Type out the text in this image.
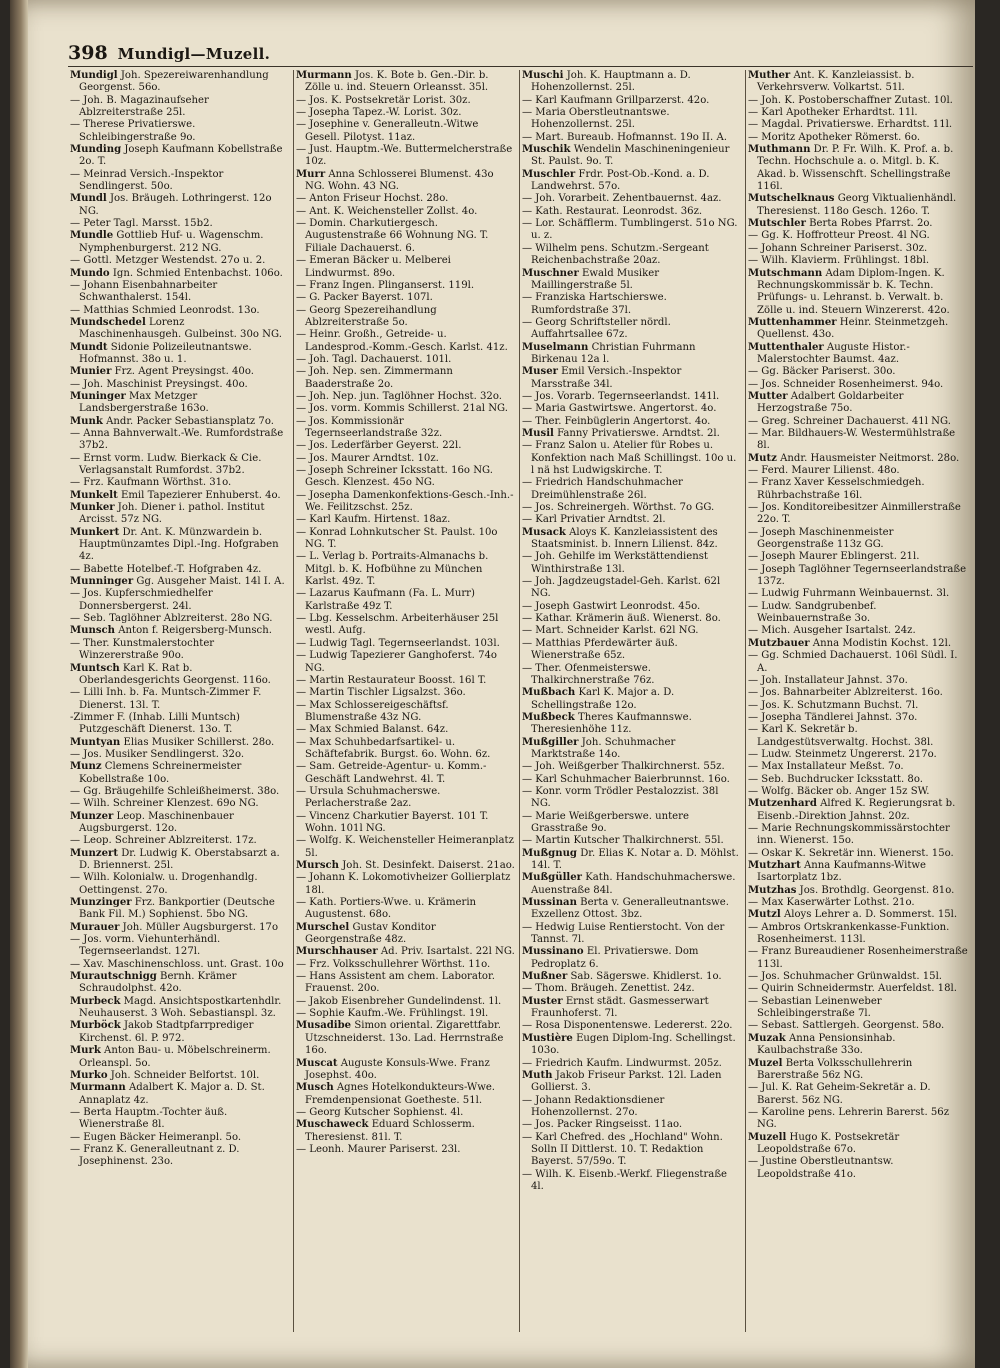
398 Mundigl—Muzell.

Mundigl Joh. Spezereiwarenhandlung Georgenst. 56o.

— Joh. B. Magazinaufseher Ablzreiterstraße 25l.

— Therese Privatierswe. Schleibingerstraße 9o.

Munding Joseph Kaufmann Kobellstraße 2o. T.

— Meinrad Versich.-Inspektor Sendlingerst. 50o.

Mundl Jos. Bräugeh. Lothringerst. 12o NG.

— Peter Tagl. Marsst. 15b2.

Mundle Gottlieb Huf- u. Wagenschm. Nymphenburgerst. 212 NG.

— Gottl. Metzger Westendst. 27o u. 2.

Mundo Ign. Schmied Entenbachst. 106o.

— Johann Eisenbahnarbeiter Schwanthalerst. 154l.

— Matthias Schmied Leonrodst. 13o.

Mundschedel Lorenz Maschinenhausgeh. Gulbeinst. 30o NG.

Mundt Sidonie Polizeileutnantswe. Hofmannst. 38o u. 1.

Munier Frz. Agent Preysingst. 40o.

— Joh. Maschinist Preysingst. 40o.

Muninger Max Metzger Landsbergerstraße 163o.

Munk Andr. Packer Sebastiansplatz 7o.

— Anna Bahnverwalt.-We. Rumfordstraße 37b2.

— Ernst vorm. Ludw. Bierkack & Cie. Verlagsanstalt Rumfordst. 37b2.

— Frz. Kaufmann Wörthst. 31o.

Munkelt Emil Tapezierer Enhuberst. 4o.

Munker Joh. Diener i. pathol. Institut Arcisst. 57z NG.

Munkert Dr. Ant. K. Münzwardein b. Hauptmünzamtes Dipl.-Ing. Hofgraben 4z.

— Babette Hotelbef.-T. Hofgraben 4z.

Munninger Gg. Ausgeher Maist. 14l I. A.

— Jos. Kupferschmiedhelfer Donnersbergerst. 24l.

— Seb. Taglöhner Ablzreiterst. 28o NG.

Munsch Anton f. Reigersberg-Munsch.

— Ther. Kunstmalerstochter Winzererstraße 90o.

Muntsch Karl K. Rat b. Oberlandesgerichts Georgenst. 116o.

— Lilli Inh. b. Fa. Muntsch-Zimmer F. Dienerst. 13l. T.

-Zimmer F. (Inhab. Lilli Muntsch) Putzgeschäft Dienerst. 13o. T.

Muntyan Elias Musiker Schillerst. 28o.

— Jos. Musiker Sendlingerst. 32o.

Munz Clemens Schreinermeister Kobellstraße 10o.

— Gg. Bräugehilfe Schleißheimerst. 38o.

— Wilh. Schreiner Klenzest. 69o NG.

Munzer Leop. Maschinenbauer Augsburgerst. 12o.

— Leop. Schreiner Ablzreiterst. 17z.

Munzert Dr. Ludwig K. Oberstabsarzt a. D. Briennerst. 25l.

— Wilh. Kolonialw. u. Drogenhandlg. Oettingenst. 27o.

Munzinger Frz. Bankportier (Deutsche Bank Fil. M.) Sophienst. 5bo NG.

Murauer Joh. Müller Augsburgerst. 17o

— Jos. vorm. Viehunterhändl. Tegernseerlandst. 127l.

— Xav. Maschinenschloss. unt. Grast. 10o

Murautschnigg Bernh. Krämer Schraudolphst. 42o.

Murbeck Magd. Ansichtspostkartenhdlr. Neuhauserst. 3 Woh. Sebastianspl. 3z.

Murböck Jakob Stadtpfarrprediger Kirchenst. 6l. P. 972.

Murk Anton Bau- u. Möbelschreinerm. Orleanspl. 5o.

Murko Joh. Schneider Belfortst. 10l.

Murmann Adalbert K. Major a. D. St. Annaplatz 4z.

— Berta Hauptm.-Tochter äuß. Wienerstraße 8l.

— Eugen Bäcker Heimeranpl. 5o.

— Franz K. Generalleutnant z. D. Josephinenst. 23o.

Murmann Jos. K. Bote b. Gen.-Dir. b. Zölle u. ind. Steuern Orleansst. 35l.

— Jos. K. Postsekretär Lorist. 30z.

— Josepha Tapez.-W. Lorist. 30z.

— Josephine v. Generalleutn.-Witwe Gesell. Pilotyst. 11az.

— Just. Hauptm.-We. Buttermelcherstraße 10z.

Murr Anna Schlosserei Blumenst. 43o NG. Wohn. 43 NG.

— Anton Friseur Hochst. 28o.

— Ant. K. Weichensteller Zollst. 4o.

— Domin. Charkutiergesch. Augustenstraße 66 Wohnung NG. T. Filiale Dachauerst. 6.

— Emeran Bäcker u. Melberei Lindwurmst. 89o.

— Franz Ingen. Plinganserst. 119l.

— G. Packer Bayerst. 107l.

— Georg Spezereihandlung Ablzreiterstraße 5o.

— Heinr. Großh., Getreide- u. Landesprod.-Komm.-Gesch. Karlst. 41z.

— Joh. Tagl. Dachauerst. 101l.

— Joh. Nep. sen. Zimmermann Baaderstraße 2o.

— Joh. Nep. jun. Taglöhner Hochst. 32o.

— Jos. vorm. Kommis Schillerst. 21al NG.

— Jos. Kommissionär Tegernseerlandstraße 32z.

— Jos. Lederfärber Geyerst. 22l.

— Jos. Maurer Arndtst. 10z.

— Joseph Schreiner Icksstatt. 16o NG. Gesch. Klenzest. 45o NG.

— Josepha Damenkonfektions-Gesch.-Inh.-We. Feilitzschst. 25z.

— Karl Kaufm. Hirtenst. 18az.

— Konrad Lohnkutscher St. Paulst. 10o NG. T.

— L. Verlag b. Portraits-Almanachs b. Mitgl. b. K. Hofbühne zu München Karlst. 49z. T.

— Lazarus Kaufmann (Fa. L. Murr) Karlstraße 49z T.

— Lbg. Kesselschm. Arbeiterhäuser 25l westl. Aufg.

— Ludwig Tagl. Tegernseerlandst. 103l.

— Ludwig Tapezierer Ganghoferst. 74o NG.

— Martin Restaurateur Boosst. 16l T.

— Martin Tischler Ligsalzst. 36o.

— Max Schlossereigeschäftsf. Blumenstraße 43z NG.

— Max Schmied Balanst. 64z.

— Max Schuhbedarfsartikel- u. Schäftefabrik. Burgst. 6o. Wohn. 6z.

— Sam. Getreide-Agentur- u. Komm.-Geschäft Landwehrst. 4l. T.

— Ursula Schuhmacherswe. Perlacherstraße 2az.

— Vincenz Charkutier Bayerst. 101 T. Wohn. 101l NG.

— Wolfg. K. Weichensteller Heimeranplatz 5l.

Mursch Joh. St. Desinfekt. Daiserst. 21ao.

— Johann K. Lokomotivheizer Gollierplatz 18l.

— Kath. Portiers-Wwe. u. Krämerin Augustenst. 68o.

Murschel Gustav Konditor Georgenstraße 48z.

Murschhauser Ad. Priv. Isartalst. 22l NG.

— Frz. Volksschullehrer Wörthst. 11o.

— Hans Assistent am chem. Laborator. Frauenst. 20o.

— Jakob Eisenbreher Gundelindenst. 1l.

— Sophie Kaufm.-We. Frühlingst. 19l.

Musadibe Simon oriental. Zigarettfabr. Utzschneiderst. 13o. Lad. Herrnstraße 16o.

Muscat Auguste Konsuls-Wwe. Franz Josephst. 40o.

Musch Agnes Hotelkondukteurs-Wwe. Fremdenpensionat Goetheste. 51l.

— Georg Kutscher Sophienst. 4l.

Muschaweck Eduard Schlosserm. Theresienst. 81l. T.

— Leonh. Maurer Pariserst. 23l.

Muschi Joh. K. Hauptmann a. D. Hohenzollernst. 25l.

— Karl Kaufmann Grillparzerst. 42o.

— Maria Oberstleutnantswe. Hohenzollernst. 25l.

— Mart. Bureaub. Hofmannst. 19o II. A.

Muschik Wendelin Maschineningenieur St. Paulst. 9o. T.

Muschler Frdr. Post-Ob.-Kond. a. D. Landwehrst. 57o.

— Joh. Vorarbeit. Zehentbauernst. 4az.

— Kath. Restaurat. Leonrodst. 36z.

— Lor. Schäfflerm. Tumblingerst. 51o NG. u. z.

— Wilhelm pens. Schutzm.-Sergeant Reichenbachstraße 20az.

Muschner Ewald Musiker Maillingerstraße 5l.

— Franziska Hartschierswe. Rumfordstraße 37l.

— Georg Schriftsteller nördl. Auffahrtsallee 67z.

Muselmann Christian Fuhrmann Birkenau 12a l.

Muser Emil Versich.-Inspektor Marsstraße 34l.

— Jos. Vorarb. Tegernseerlandst. 141l.

— Maria Gastwirtswe. Angertorst. 4o.

— Ther. Feinbüglerin Angertorst. 4o.

Musil Fanny Privatierswe. Arndtst. 2l.

— Franz Salon u. Atelier für Robes u. Konfektion nach Maß Schillingst. 10o u. l nä hst Ludwigskirche. T.

— Friedrich Handschuhmacher Dreimühlenstraße 26l.

— Jos. Schreinergeh. Wörthst. 7o GG.

— Karl Privatier Arndtst. 2l.

Musack Aloys K. Kanzleiassistent des Staatsminist. b. Innern Lilienst. 84z.

— Joh. Gehilfe im Werkstättendienst Winthirstraße 13l.

— Joh. Jagdzeugstadel-Geh. Karlst. 62l NG.

— Joseph Gastwirt Leonrodst. 45o.

— Kathar. Krämerin äuß. Wienerst. 8o.

— Mart. Schneider Karlst. 62l NG.

— Matthias Pferdewärter äuß. Wienerstraße 65z.

— Ther. Ofenmeisterswe. Thalkirchnerstraße 76z.

Mußbach Karl K. Major a. D. Schellingstraße 12o.

Mußbeck Theres Kaufmannswe. Theresienhöhe 11z.

Mußgiller Joh. Schuhmacher Marktstraße 14o.

— Joh. Weißgerber Thalkirchnerst. 55z.

— Karl Schuhmacher Baierbrunnst. 16o.

— Konr. vorm Trödler Pestalozzist. 38l NG.

— Marie Weißgerberswe. untere Grasstraße 9o.

— Martin Kutscher Thalkirchnerst. 55l.

Mußgnug Dr. Elias K. Notar a. D. Möhlst. 14l. T.

Mußgüller Kath. Handschuhmacherswe. Auenstraße 84l.

Mussinan Berta v. Generalleutnantswe. Exzellenz Ottost. 3bz.

— Hedwig Luise Rentierstocht. Von der Tannst. 7l.

Mussinano El. Privatierswe. Dom Pedroplatz 6.

Mußner Sab. Sägerswe. Khidlerst. 1o.

— Thom. Bräugeh. Zenettist. 24z.

Muster Ernst städt. Gasmesserwart Fraunhoferst. 7l.

— Rosa Disponentenswe. Ledererst. 22o.

Mustière Eugen Diplom-Ing. Schellingst. 103o.

— Friedrich Kaufm. Lindwurmst. 205z.

Muth Jakob Friseur Parkst. 12l. Laden Gollierst. 3.

— Johann Redaktionsdiener Hohenzollernst. 27o.

— Jos. Packer Ringseisst. 11ao.

— Karl Chefred. des „Hochland" Wohn. Solln II Dittlerst. 10. T. Redaktion Bayerst. 57/59o. T.

— Wilh. K. Eisenb.-Werkf. Fliegenstraße 4l.

Muther Ant. K. Kanzleiassist. b. Verkehrsverw. Volkartst. 51l.

— Joh. K. Postoberschaffner Zutast. 10l.

— Karl Apotheker Erhardtst. 11l.

— Magdal. Privatierswe. Erhardtst. 11l.

— Moritz Apotheker Römerst. 6o.

Muthmann Dr. P. Fr. Wilh. K. Prof. a. b. Techn. Hochschule a. o. Mitgl. b. K. Akad. b. Wissenschft. Schellingstraße 116l.

Mutschelknaus Georg Viktualienhändl. Theresienst. 118o Gesch. 126o. T.

Mutschler Berta Robes Pfarrst. 2o.

— Gg. K. Hoffrotteur Preost. 4l NG.

— Johann Schreiner Pariserst. 30z.

— Wilh. Klavierm. Frühlingst. 18bl.

Mutschmann Adam Diplom-Ingen. K. Rechnungskommissär b. K. Techn. Prüfungs- u. Lehranst. b. Verwalt. b. Zölle u. ind. Steuern Winzererst. 42o.

Muttenhammer Heinr. Steinmetzgeh. Quellenst. 43o.

Muttenthaler Auguste Histor.-Malerstochter Baumst. 4az.

— Gg. Bäcker Pariserst. 30o.

— Jos. Schneider Rosenheimerst. 94o.

Mutter Adalbert Goldarbeiter Herzogstraße 75o.

— Greg. Schreiner Dachauerst. 41l NG.

— Mar. Bildhauers-W. Westermühlstraße 8l.

Mutz Andr. Hausmeister Neitmorst. 28o.

— Ferd. Maurer Lilienst. 48o.

— Franz Xaver Kesselschmiedgeh. Rührbachstraße 16l.

— Jos. Konditoreibesitzer Ainmillerstraße 22o. T.

— Joseph Maschinenmeister Georgenstraße 113z GG.

— Joseph Maurer Eblingerst. 21l.

— Joseph Taglöhner Tegernseerlandstraße 137z.

— Ludwig Fuhrmann Weinbauernst. 3l.

— Ludw. Sandgrubenbef. Weinbauernstraße 3o.

— Mich. Ausgeher Isartalst. 24z.

Mutzbauer Anna Modistin Kochst. 12l.

— Gg. Schmied Dachauerst. 106l Südl. I. A.

— Joh. Installateur Jahnst. 37o.

— Jos. Bahnarbeiter Ablzreiterst. 16o.

— Jos. K. Schutzmann Buchst. 7l.

— Josepha Tändlerei Jahnst. 37o.

— Karl K. Sekretär b. Landgestütsverwaltg. Hochst. 38l.

— Ludw. Steinmetz Ungererst. 217o.

— Max Installateur Meßst. 7o.

— Seb. Buchdrucker Icksstatt. 8o.

— Wolfg. Bäcker ob. Anger 15z SW.

Mutzenhard Alfred K. Regierungsrat b. Eisenb.-Direktion Jahnst. 20z.

— Marie Rechnungskommissärstochter inn. Wienerst. 15o.

— Oskar K. Sekretär inn. Wienerst. 15o.

Mutzhart Anna Kaufmanns-Witwe Isartorplatz 1bz.

Mutzhas Jos. Brothdlg. Georgenst. 81o.

— Max Kaserwärter Lothst. 21o.

Mutzl Aloys Lehrer a. D. Sommerst. 15l.

— Ambros Ortskrankenkasse-Funktion. Rosenheimerst. 113l.

— Franz Bureaudiener Rosenheimerstraße 113l.

— Jos. Schuhmacher Grünwaldst. 15l.

— Quirin Schneidermstr. Auerfeldst. 18l.

— Sebastian Leinenweber Schleibingerstraße 7l.

— Sebast. Sattlergeh. Georgenst. 58o.

Muzak Anna Pensionsinhab. Kaulbachstraße 33o.

Muzel Berta Volksschullehrerin Barerstraße 56z NG.

— Jul. K. Rat Geheim-Sekretär a. D. Barerst. 56z NG.

— Karoline pens. Lehrerin Barerst. 56z NG.

Muzell Hugo K. Postsekretär Leopoldstraße 67o.

— Justine Oberstleutnantsw. Leopoldstraße 41o.
